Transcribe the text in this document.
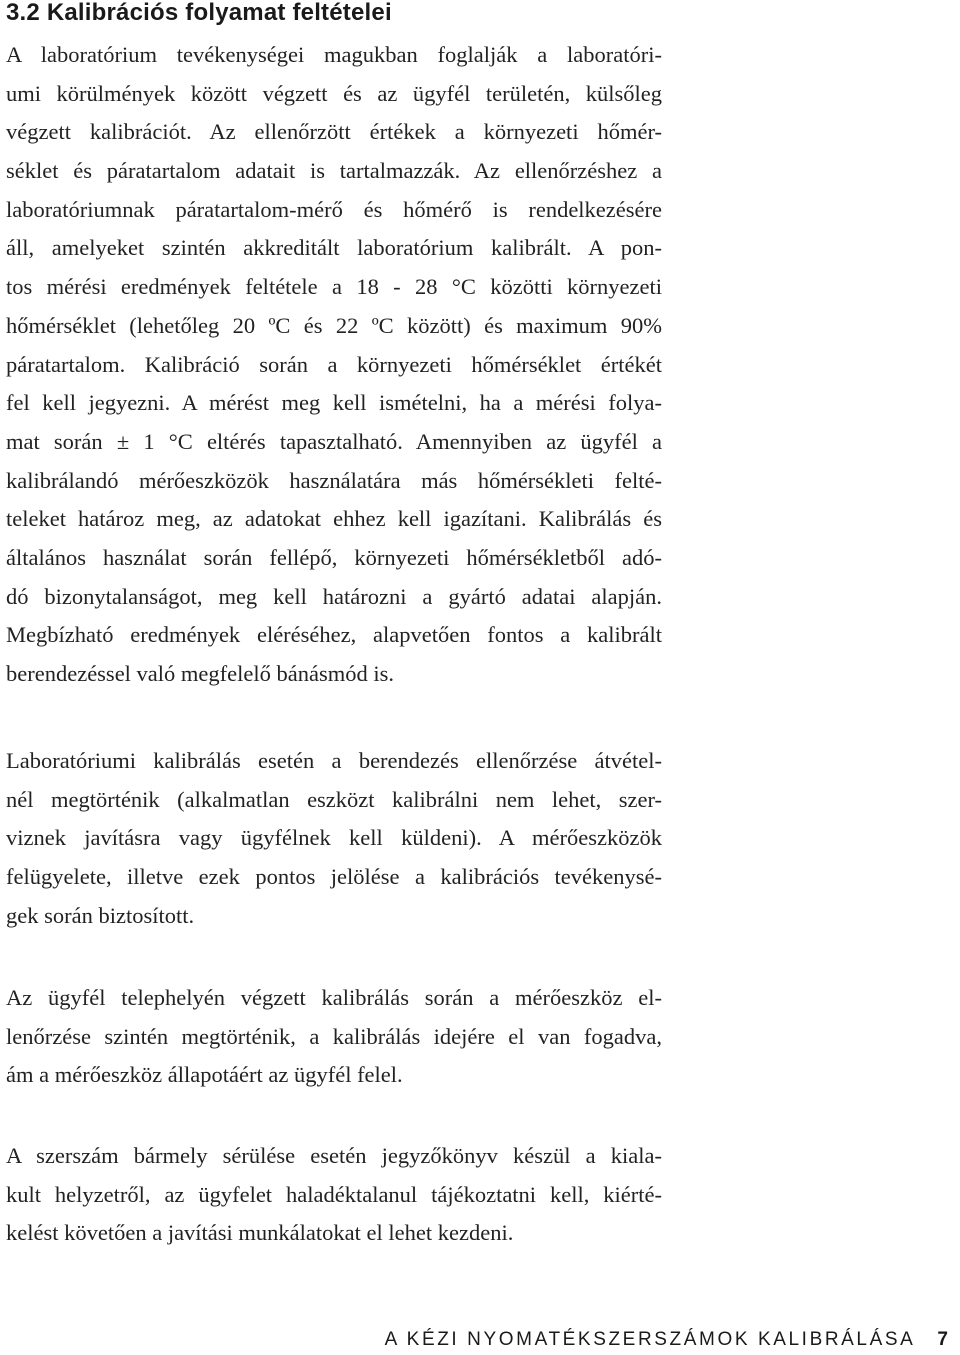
3.2 Kalibrációs folyamat feltételei
A laboratórium tevékenységei magukban foglalják a laboratóri-
umi körülmények között végzett és az ügyfél területén, külsőleg
végzett kalibrációt. Az ellenőrzött értékek a környezeti hőmér-
séklet és páratartalom adatait is tartalmazzák. Az ellenőrzéshez a
laboratóriumnak páratartalom-mérő és hőmérő is rendelkezésére
áll, amelyeket szintén akkreditált laboratórium kalibrált. A pon-
tos mérési eredmények feltétele a 18 - 28 °C közötti környezeti
hőmérséklet (lehetőleg 20 ºC és 22 ºC között) és maximum 90%
páratartalom. Kalibráció során a környezeti hőmérséklet értékét
fel kell jegyezni. A mérést meg kell ismételni, ha a mérési folya-
mat során ± 1 °C eltérés tapasztalható. Amennyiben az ügyfél a
kalibrálandó mérőeszközök használatára más hőmérsékleti felté-
teleket határoz meg, az adatokat ehhez kell igazítani. Kalibrálás és
általános használat során fellépő, környezeti hőmérsékletből adó-
dó bizonytalanságot, meg kell határozni a gyártó adatai alapján.
Megbízható eredmények eléréséhez, alapvetően fontos a kalibrált
berendezéssel való megfelelő bánásmód is.
Laboratóriumi kalibrálás esetén a berendezés ellenőrzése átvétel-
nél megtörténik (alkalmatlan eszközt kalibrálni nem lehet, szer-
viznek javításra vagy ügyfélnek kell küldeni). A mérőeszközök
felügyelete, illetve ezek pontos jelölése a kalibrációs tevékenysé-
gek során biztosított.
Az ügyfél telephelyén végzett kalibrálás során a mérőeszköz el-
lenőrzése szintén megtörténik, a kalibrálás idejére el van fogadva,
ám a mérőeszköz állapotáért az ügyfél felel.
A szerszám bármely sérülése esetén jegyzőkönyv készül a kiala-
kult helyzetről, az ügyfelet haladéktalanul tájékoztatni kell, kiérté-
kelést követően a javítási munkálatokat el lehet kezdeni.
A KÉZI NYOMATÉKSZERSZÁMOK KALIBRÁLÁSA 7
